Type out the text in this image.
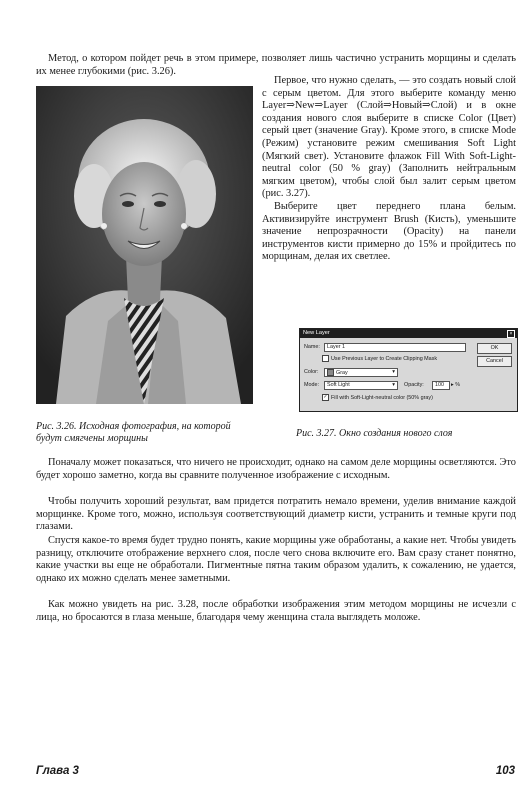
Метод, о котором пойдет речь в этом примере, позволяет лишь частично устранить морщины и сделать их менее глубокими (рис. 3.26).

Первое, что нужно сделать, — это создать новый слой с серым цветом. Для этого выберите команду меню Layer⇒New⇒Layer (Слой⇒Новый⇒Слой) и в окне создания нового слоя выберите в списке Color (Цвет) серый цвет (значение Gray). Кроме этого, в списке Mode (Режим) установите режим смешивания Soft Light (Мягкий свет). Установите флажок Fill With Soft-Light-neutral color (50 % gray) (Заполнить нейтральным мягким цветом), чтобы слой был залит серым цветом (рис. 3.27).

Выберите цвет переднего плана белым. Активизируйте инструмент Brush (Кисть), уменьшите значение непрозрачности (Opacity) на панели инструментов кисти примерно до 15% и пройдитесь по морщинам, делая их светлее.

New Layer	×
Name:	Layer 1	OK
Cancel
Use Previous Layer to Create Clipping Mask
Color:	Gray	▾
Mode:	Soft Light	▾ Opacity:	100	▸ %
✓ Fill with Soft-Light-neutral color (50% gray)

Рис. 3.26. Исходная фотография, на которой будут смягчены морщины	Рис. 3.27. Окно создания нового слоя

Поначалу может показаться, что ничего не происходит, однако на самом деле морщины осветляются. Это будет хорошо заметно, когда вы сравните полученное изображение с исходным.

Чтобы получить хороший результат, вам придется потратить немало времени, уделив внимание каждой морщинке. Кроме того, можно, используя соответствующий диаметр кисти, устранить и темные круги под глазами.

Спустя какое-то время будет трудно понять, какие морщины уже обработаны, а какие нет. Чтобы увидеть разницу, отключите отображение верхнего слоя, после чего снова включите его. Вам сразу станет понятно, какие участки вы еще не обработали. Пигментные пятна таким образом удалить, к сожалению, не удается, однако их можно сделать менее заметными.

Как можно увидеть на рис. 3.28, после обработки изображения этим методом морщины не исчезли с лица, но бросаются в глаза меньше, благодаря чему женщина стала выглядеть моложе.

Глава 3	103
